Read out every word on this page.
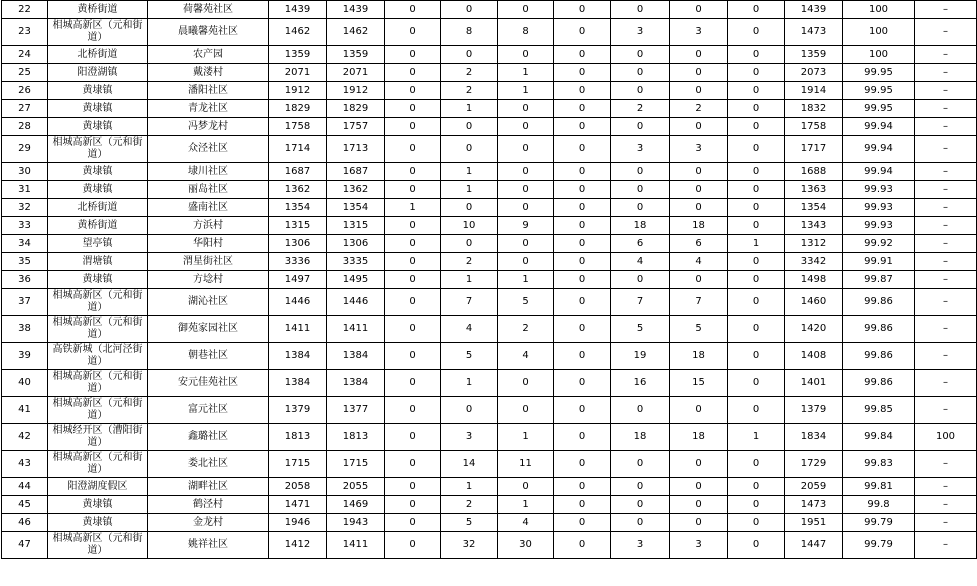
22	黄桥街道	荷馨苑社区	1439	1439	0	0	0	0	0	0	0	1439	100	–
23	相城高新区（元和街道）	晨曦馨苑社区	1462	1462	0	8	8	0	3	3	0	1473	100	–
24	北桥街道	农产园	1359	1359	0	0	0	0	0	0	0	1359	100	–
25	阳澄湖镇	戴溇村	2071	2071	0	2	1	0	0	0	0	2073	99.95	–
26	黄埭镇	潘阳社区	1912	1912	0	2	1	0	0	0	0	1914	99.95	–
27	黄埭镇	青龙社区	1829	1829	0	1	0	0	2	2	0	1832	99.95	–
28	黄埭镇	冯梦龙村	1758	1757	0	0	0	0	0	0	0	1758	99.94	–
29	相城高新区（元和街道）	众泾社区	1714	1713	0	0	0	0	3	3	0	1717	99.94	–
30	黄埭镇	埭川社区	1687	1687	0	1	0	0	0	0	0	1688	99.94	–
31	黄埭镇	丽岛社区	1362	1362	0	1	0	0	0	0	0	1363	99.93	–
32	北桥街道	盛南社区	1354	1354	1	0	0	0	0	0	0	1354	99.93	–
33	黄桥街道	方浜村	1315	1315	0	10	9	0	18	18	0	1343	99.93	–
34	望亭镇	华阳村	1306	1306	0	0	0	0	6	6	1	1312	99.92	–
35	渭塘镇	渭星街社区	3336	3335	0	2	0	0	4	4	0	3342	99.91	–
36	黄埭镇	方埝村	1497	1495	0	1	1	0	0	0	0	1498	99.87	–
37	相城高新区（元和街道）	湖沁社区	1446	1446	0	7	5	0	7	7	0	1460	99.86	–
38	相城高新区（元和街道）	御苑家园社区	1411	1411	0	4	2	0	5	5	0	1420	99.86	–
39	高铁新城（北河泾街道）	朝巷社区	1384	1384	0	5	4	0	19	18	0	1408	99.86	–
40	相城高新区（元和街道）	安元佳苑社区	1384	1384	0	1	0	0	16	15	0	1401	99.86	–
41	相城高新区（元和街道）	富元社区	1379	1377	0	0	0	0	0	0	0	1379	99.85	–
42	相城经开区（漕阳街道）	鑫璐社区	1813	1813	0	3	1	0	18	18	1	1834	99.84	100
43	相城高新区（元和街道）	娄北社区	1715	1715	0	14	11	0	0	0	0	1729	99.83	–
44	阳澄湖度假区	湖畔社区	2058	2055	0	1	0	0	0	0	0	2059	99.81	–
45	黄埭镇	鹤泾村	1471	1469	0	2	1	0	0	0	0	1473	99.8	–
46	黄埭镇	金龙村	1946	1943	0	5	4	0	0	0	0	1951	99.79	–
47	相城高新区（元和街道）	姚祥社区	1412	1411	0	32	30	0	3	3	0	1447	99.79	–
